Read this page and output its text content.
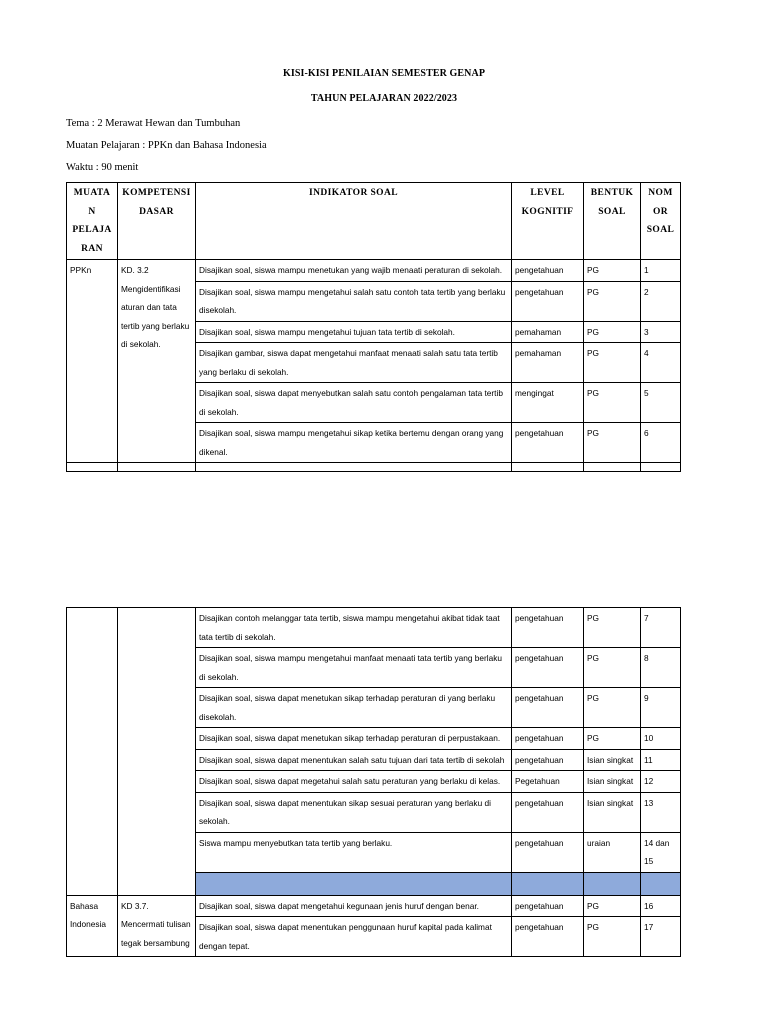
KISI-KISI PENILAIAN SEMESTER GENAP
TAHUN PELAJARAN 2022/2023
Tema : 2 Merawat Hewan dan Tumbuhan
Muatan Pelajaran : PPKn dan Bahasa Indonesia
Waktu : 90 menit
MUATA N PELAJA RAN	KOMPETENSI DASAR	INDIKATOR SOAL	LEVEL KOGNITIF	BENTUK SOAL	NOM OR SOAL
PPKn	KD. 3.2 Mengidentifikasi aturan dan tata tertib yang berlaku di sekolah.	Disajikan soal, siswa mampu menetukan yang wajib menaati peraturan di sekolah.	pengetahuan	PG	1
		Disajikan soal, siswa mampu mengetahui salah satu contoh tata tertib yang berlaku disekolah.	pengetahuan	PG	2
		Disajikan soal, siswa mampu mengetahui tujuan tata tertib di sekolah.	pemahaman	PG	3
		Disajikan gambar, siswa dapat mengetahui manfaat menaati salah satu tata tertib yang berlaku di sekolah.	pemahaman	PG	4
		Disajikan soal, siswa dapat menyebutkan salah satu contoh pengalaman tata tertib di sekolah.	mengingat	PG	5
		Disajikan soal, siswa mampu mengetahui sikap ketika bertemu dengan orang yang dikenal.	pengetahuan	PG	6

		Disajikan contoh melanggar tata tertib, siswa mampu mengetahui akibat tidak taat tata tertib di sekolah.	pengetahuan	PG	7
		Disajikan soal, siswa mampu mengetahui manfaat menaati tata tertib yang berlaku di sekolah.	pengetahuan	PG	8
		Disajikan soal, siswa dapat menetukan sikap terhadap peraturan di yang berlaku disekolah.	pengetahuan	PG	9
		Disajikan soal, siswa dapat menetukan sikap terhadap peraturan di perpustakaan.	pengetahuan	PG	10
		Disajikan soal, siswa dapat menentukan salah satu tujuan dari tata tertib di sekolah	pengetahuan	Isian singkat	11
		Disajikan soal, siswa dapat megetahui salah satu peraturan yang berlaku di kelas.	Pegetahuan	Isian singkat	12
		Disajikan soal, siswa dapat menentukan sikap sesuai peraturan yang berlaku di sekolah.	pengetahuan	Isian singkat	13
		Siswa mampu menyebutkan tata tertib yang berlaku.	pengetahuan	uraian	14 dan 15

Bahasa Indonesia	KD 3.7. Mencermati tulisan tegak bersambung	Disajikan soal, siswa dapat mengetahui kegunaan jenis huruf dengan benar.	pengetahuan	PG	16
		Disajikan soal, siswa dapat menentukan penggunaan huruf kapital pada kalimat dengan tepat.	pengetahuan	PG	17
